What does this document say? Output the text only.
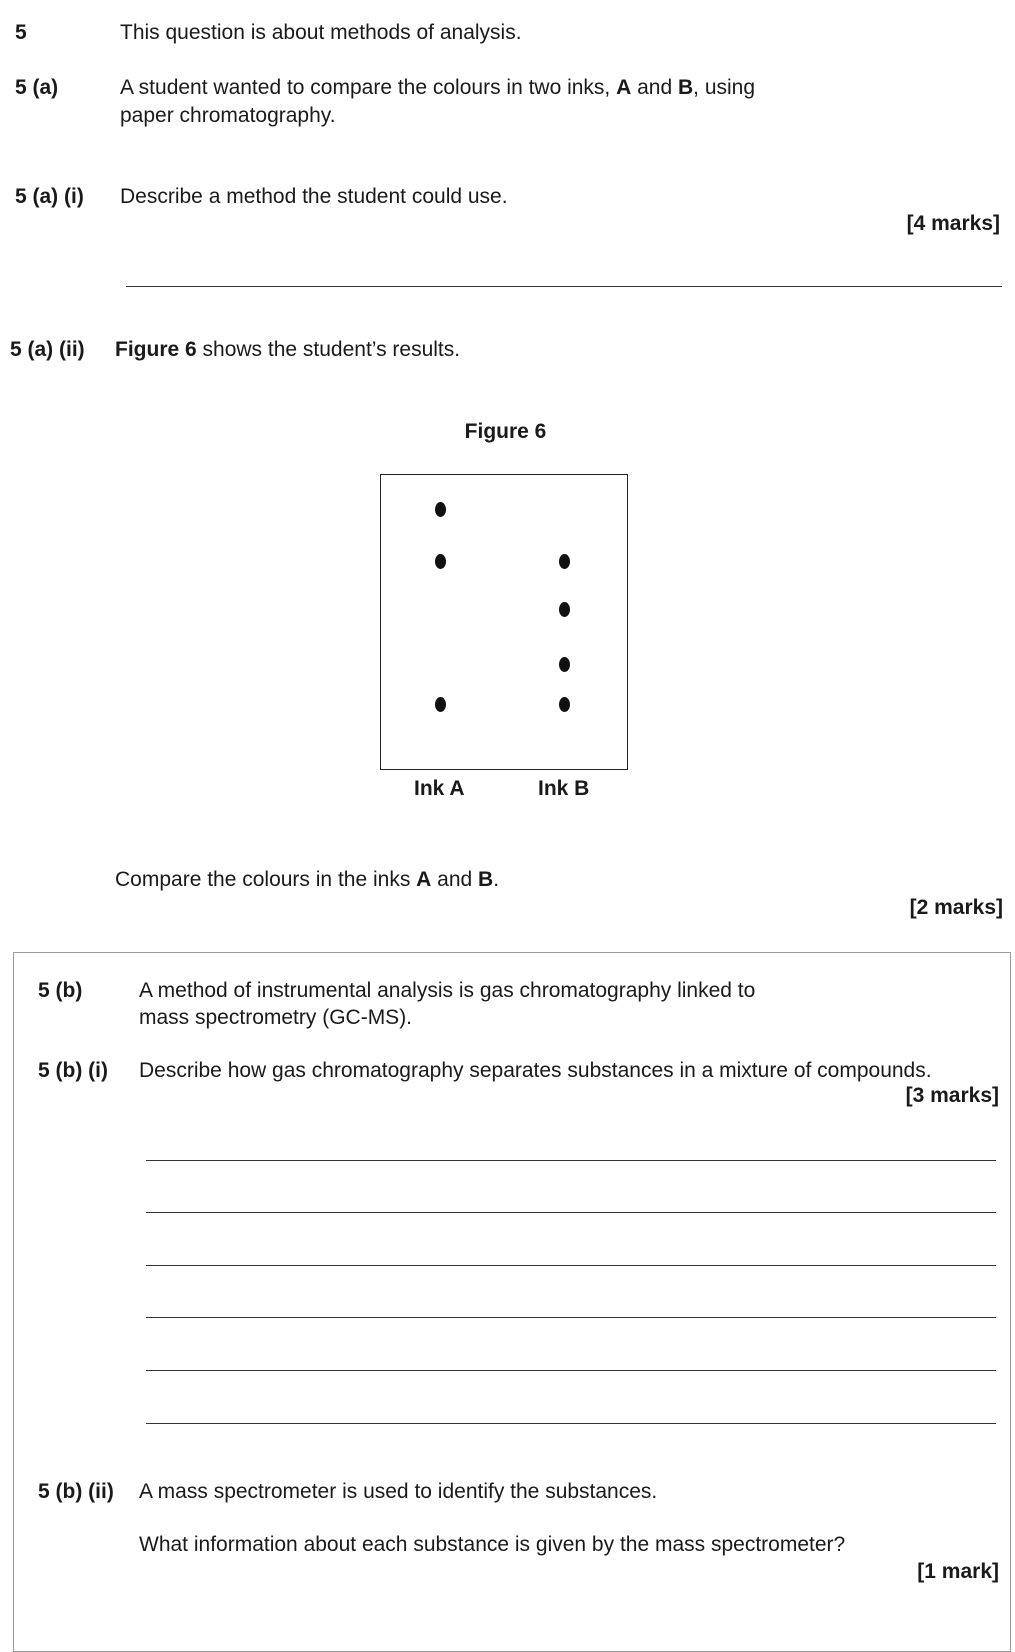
5	This question is about methods of analysis.
5 (a)	A student wanted to compare the colours in two inks, A and B, using
paper chromatography.
5 (a) (i) Describe a method the student could use.
[4 marks]
5 (a) (ii) Figure 6 shows the student’s results.
Figure 6
Ink A	Ink B
Compare the colours in the inks A and B.
[2 marks]
5 (b)	A method of instrumental analysis is gas chromatography linked to
mass spectrometry (GC-MS).
5 (b) (i) Describe how gas chromatography separates substances in a mixture of compounds.
[3 marks]
5 (b) (ii) A mass spectrometer is used to identify the substances.
What information about each substance is given by the mass spectrometer?
[1 mark]
